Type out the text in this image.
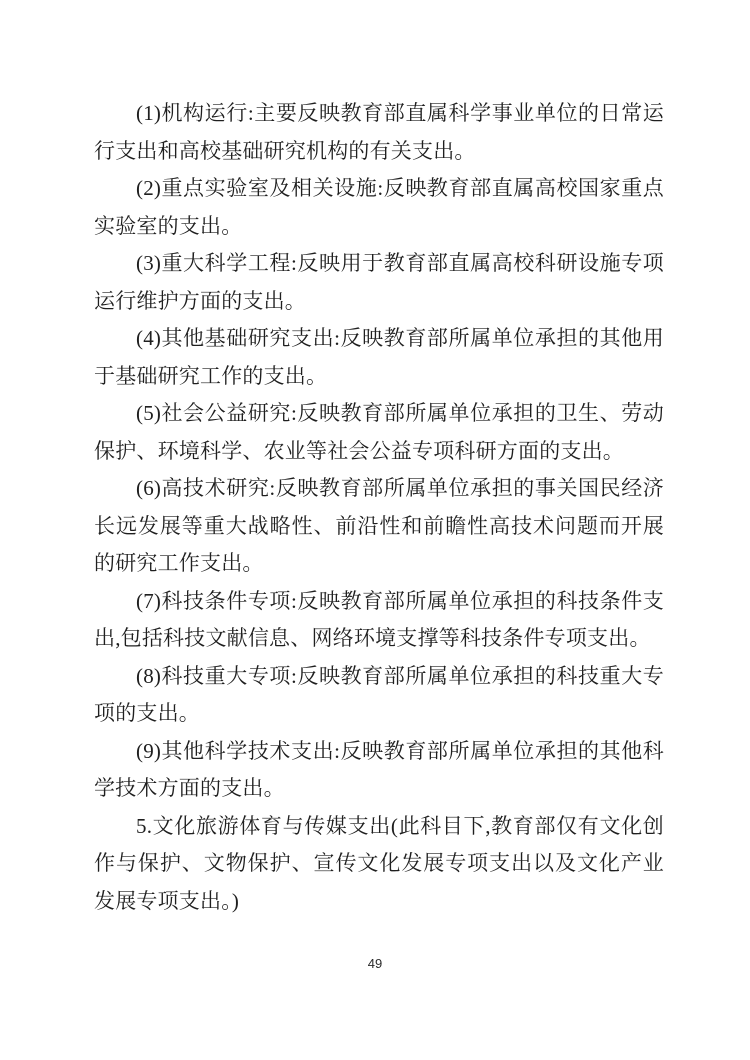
(1)机构运行:主要反映教育部直属科学事业单位的日常运行支出和高校基础研究机构的有关支出。

(2)重点实验室及相关设施:反映教育部直属高校国家重点实验室的支出。

(3)重大科学工程:反映用于教育部直属高校科研设施专项运行维护方面的支出。

(4)其他基础研究支出:反映教育部所属单位承担的其他用于基础研究工作的支出。

(5)社会公益研究:反映教育部所属单位承担的卫生、劳动保护、环境科学、农业等社会公益专项科研方面的支出。

(6)高技术研究:反映教育部所属单位承担的事关国民经济长远发展等重大战略性、前沿性和前瞻性高技术问题而开展的研究工作支出。

(7)科技条件专项:反映教育部所属单位承担的科技条件支出,包括科技文献信息、网络环境支撑等科技条件专项支出。

(8)科技重大专项:反映教育部所属单位承担的科技重大专项的支出。

(9)其他科学技术支出:反映教育部所属单位承担的其他科学技术方面的支出。

5.文化旅游体育与传媒支出(此科目下,教育部仅有文化创作与保护、文物保护、宣传文化发展专项支出以及文化产业发展专项支出。)

49
